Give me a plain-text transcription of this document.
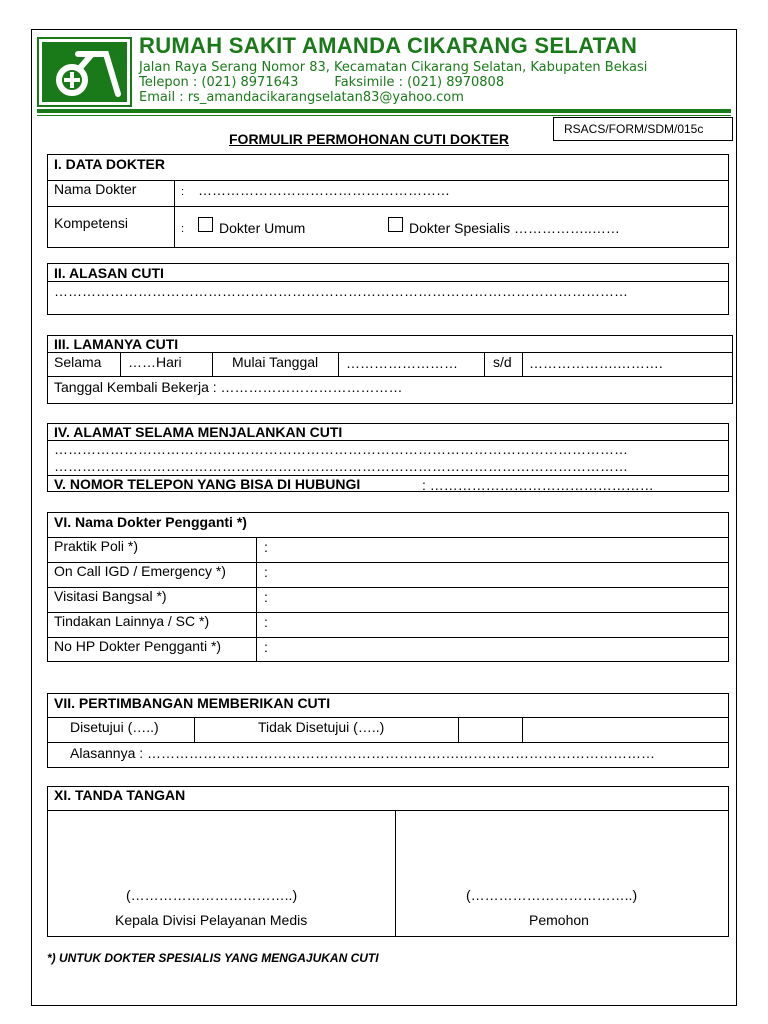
RUMAH SAKIT AMANDA CIKARANG SELATAN
Jalan Raya Serang Nomor 83, Kecamatan Cikarang Selatan, Kabupaten Bekasi
Telepon : (021) 8971643	Faksimile : (021) 8970808
Email : rs_amandacikarangselatan83@yahoo.com
RSACS/FORM/SDM/015c
FORMULIR PERMOHONAN CUTI DOKTER
I. DATA DOKTER
Nama Dokter	: ………………………………………………
Kompetensi	: Dokter Umum	Dokter Spesialis ……………..……
II. ALASAN CUTI
……………………………………………………………………………………………………………
III. LAMANYA CUTI
Selama ……Hari	Mulai Tanggal ……………………	s/d ……………….……….
Tanggal Kembali Bekerja : …………………………………
IV. ALAMAT SELAMA MENJALANKAN CUTI
……………………………………………………………………………………………………………
……………………………………………………………………………………………………………
V. NOMOR TELEPON YANG BISA DI HUBUNGI	: …………………………………………
VI. Nama Dokter Pengganti *)
Praktik Poli *)	:
On Call IGD / Emergency *)	:
Visitasi Bangsal *)	:
Tindakan Lainnya / SC *)	:
No HP Dokter Pengganti *)	:
VII. PERTIMBANGAN MEMBERIKAN CUTI
Disetujui (…..)	Tidak Disetujui (…..)
Alasannya : ………………………………………………………….……………………………………
XI. TANDA TANGAN
(……………………………..)
Kepala Divisi Pelayanan Medis
(……………………………..)
Pemohon
*) UNTUK DOKTER SPESIALIS YANG MENGAJUKAN CUTI
